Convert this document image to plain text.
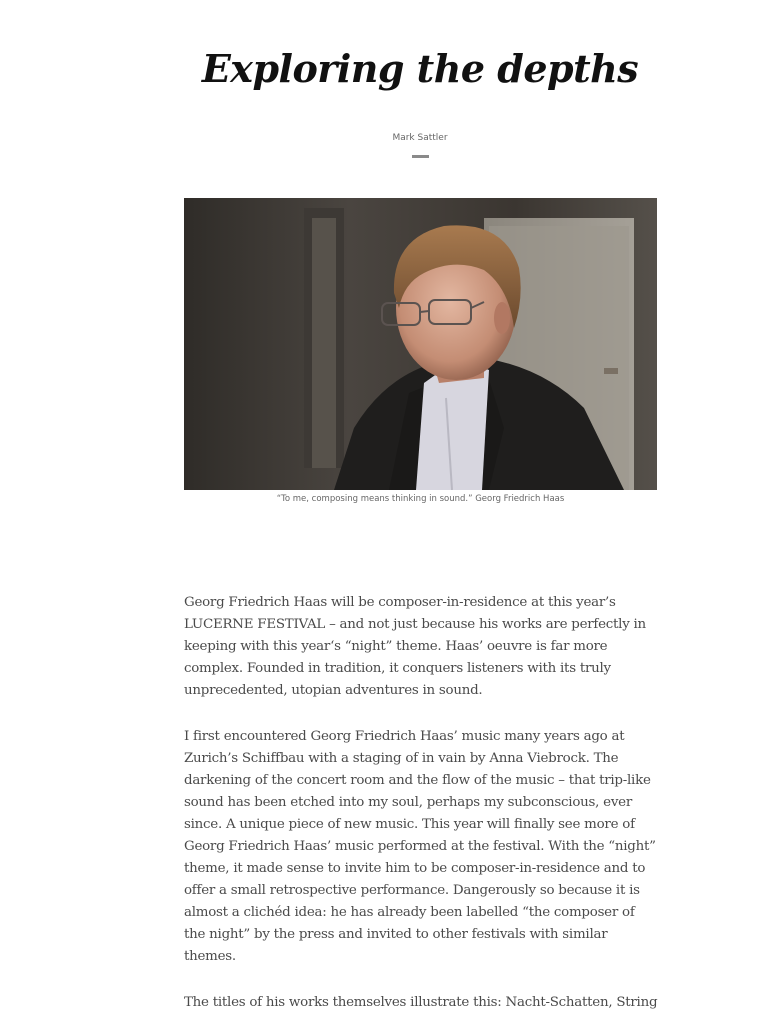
Exploring the depths
Mark Sattler
“To me, composing means thinking in sound.” Georg Friedrich Haas

Georg Friedrich Haas will be composer-in-residence at this year’s LUCERNE FESTIVAL – and not just because his works are perfectly in keeping with this year‘s “night” theme. Haas’ oeuvre is far more complex. Founded in tradition, it conquers listeners with its truly unprecedented, utopian adventures in sound.

I first encountered Georg Friedrich Haas’ music many years ago at Zurich’s Schiffbau with a staging of in vain by Anna Viebrock. The darkening of the concert room and the flow of the music – that trip-like sound has been etched into my soul, perhaps my subconscious, ever since. A unique piece of new music. This year will finally see more of Georg Friedrich Haas’ music performed at the festival. With the “night” theme, it made sense to invite him to be composer-in-residence and to offer a small retrospective performance. Dangerously so because it is almost a clichéd idea: he has already been labelled “the composer of the night” by the press and invited to other festivals with similar themes.

The titles of his works themselves illustrate this: Nacht-Schatten, String
